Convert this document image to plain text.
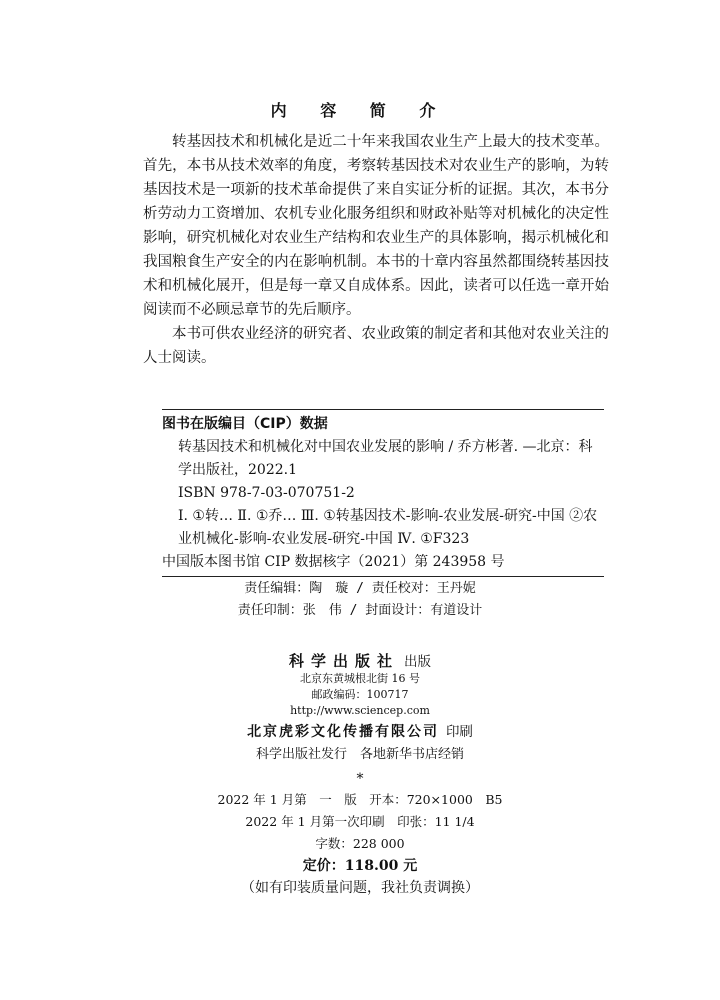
内 容 简 介

转基因技术和机械化是近二十年来我国农业生产上最大的技术变革。首先，本书从技术效率的角度，考察转基因技术对农业生产的影响，为转基因技术是一项新的技术革命提供了来自实证分析的证据。其次，本书分析劳动力工资增加、农机专业化服务组织和财政补贴等对机械化的决定性影响，研究机械化对农业生产结构和农业生产的具体影响，揭示机械化和我国粮食生产安全的内在影响机制。本书的十章内容虽然都围绕转基因技术和机械化展开，但是每一章又自成体系。因此，读者可以任选一章开始阅读而不必顾忌章节的先后顺序。

本书可供农业经济的研究者、农业政策的制定者和其他对农业关注的人士阅读。

图书在版编目（CIP）数据
转基因技术和机械化对中国农业发展的影响 / 乔方彬著. —北京：科学出版社，2022.1
ISBN 978-7-03-070751-2
Ⅰ. ①转… Ⅱ. ①乔… Ⅲ. ①转基因技术-影响-农业发展-研究-中国 ②农业机械化-影响-农业发展-研究-中国 Ⅳ. ①F323
中国版本图书馆 CIP 数据核字（2021）第 243958 号
责任编辑：陶　璇 / 责任校对：王丹妮
责任印制：张　伟 / 封面设计：有道设计
科学出版社 出版
北京东黄城根北街 16 号
邮政编码：100717
http://www.sciencep.com
北京虎彩文化传播有限公司 印刷
科学出版社发行　各地新华书店经销
*
2022 年 1 月第　一　版　开本：720×1000　B5
2022 年 1 月第一次印刷　印张：11 1/4
字数：228 000
定价：118.00 元
（如有印装质量问题，我社负责调换）
